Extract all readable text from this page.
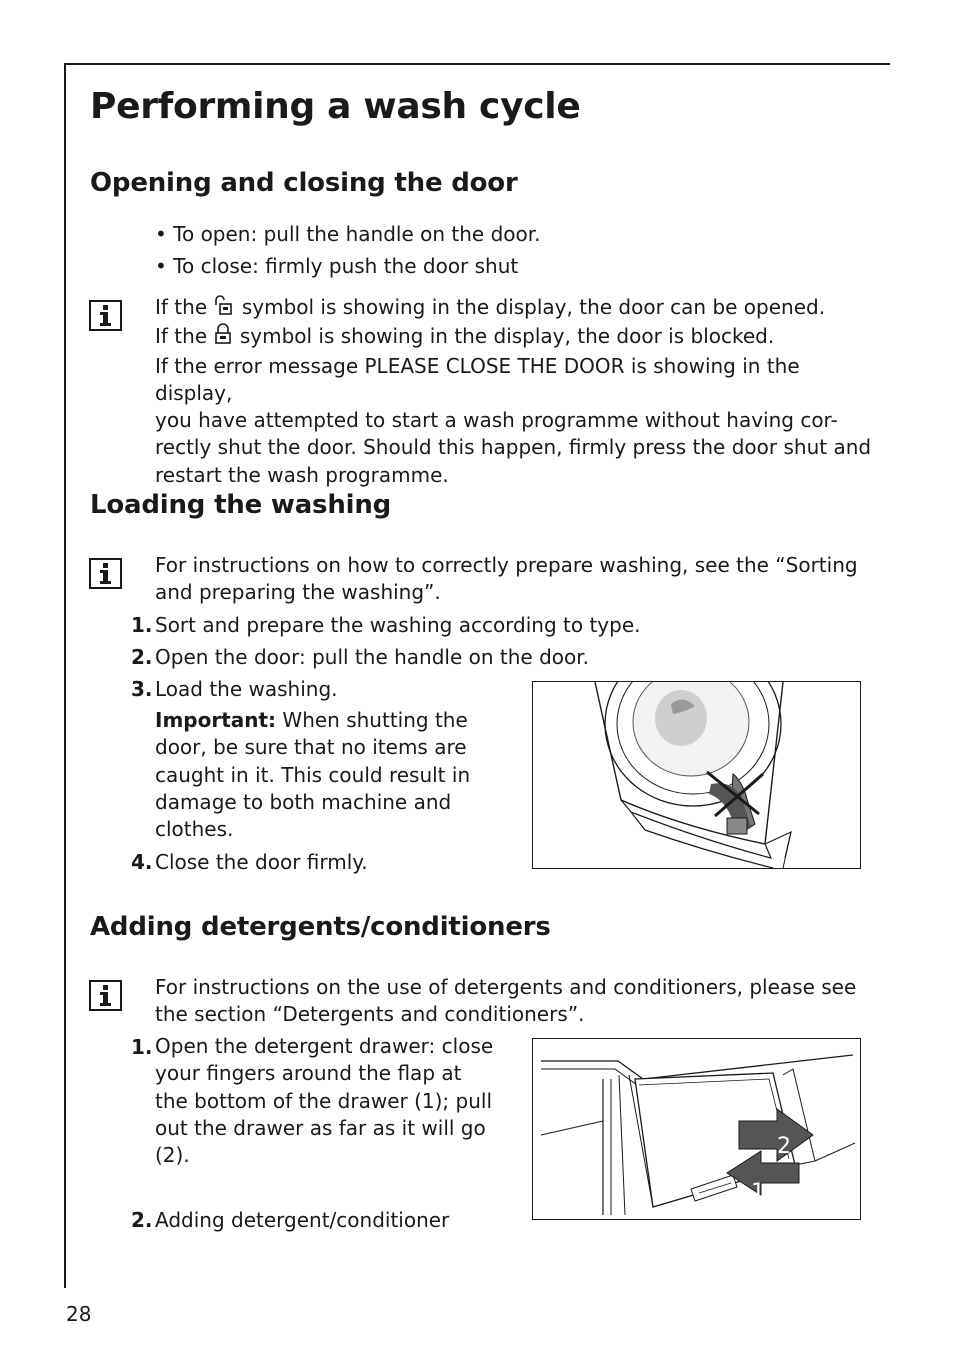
Performing a wash cycle
Opening and closing the door
• To open: pull the handle on the door.
• To close: firmly push the door shut
If the  symbol is showing in the display, the door can be opened.
If the  symbol is showing in the display, the door is blocked.
If the error message PLEASE CLOSE THE DOOR is showing in the display,
you have attempted to start a wash programme without having cor-
rectly shut the door. Should this happen, firmly press the door shut and
restart the wash programme.
Loading the washing
For instructions on how to correctly prepare washing, see the “Sorting
and preparing the washing”.
1. Sort and prepare the washing according to type.
2. Open the door: pull the handle on the door.
3. Load the washing.
Important: When shutting the
door, be sure that no items are
caught in it. This could result in
damage to both machine and
clothes.
4. Close the door firmly.
Adding detergents/conditioners
For instructions on the use of detergents and conditioners, please see
the section “Detergents and conditioners”.
1. Open the detergent drawer: close
your fingers around the flap at
the bottom of the drawer (1); pull
out the drawer as far as it will go
(2).
2. Adding detergent/conditioner
2
1
28
